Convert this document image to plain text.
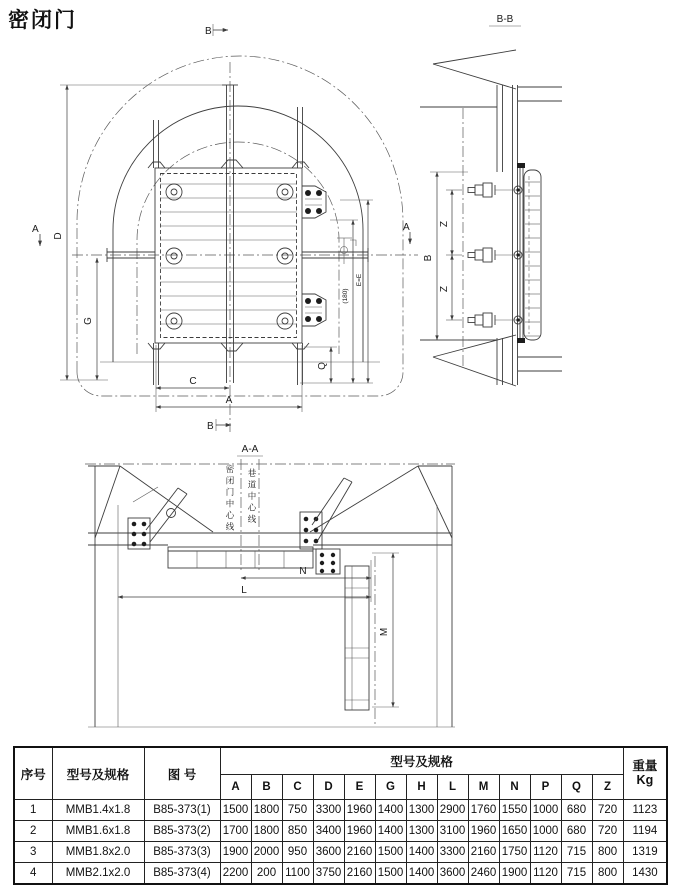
密闭门
D
G
C
A
Q
(180)
E=E
B
B
A	A
B-B
B
Z
Z
A-A
密闭门中心线
巷道中心线
N
L
M
序号	型号及规格	图 号	型号及规格													重量
Kg

			A	B	C	D	E	G	H	L	M	N	P	Q	Z	
1	MMB1.4x1.8	B85-373(1)	1500	1800	750	3300	1960	1400	1300	2900	1760	1550	1000	680	720	1123
2	MMB1.6x1.8	B85-373(2)	1700	1800	850	3400	1960	1400	1300	3100	1960	1650	1000	680	720	1194
3	MMB1.8x2.0	B85-373(3)	1900	2000	950	3600	2160	1500	1400	3300	2160	1750	1120	715	800	1319
4	MMB2.1x2.0	B85-373(4)	2200	200	1100	3750	2160	1500	1400	3600	2460	1900	1120	715	800	1430
